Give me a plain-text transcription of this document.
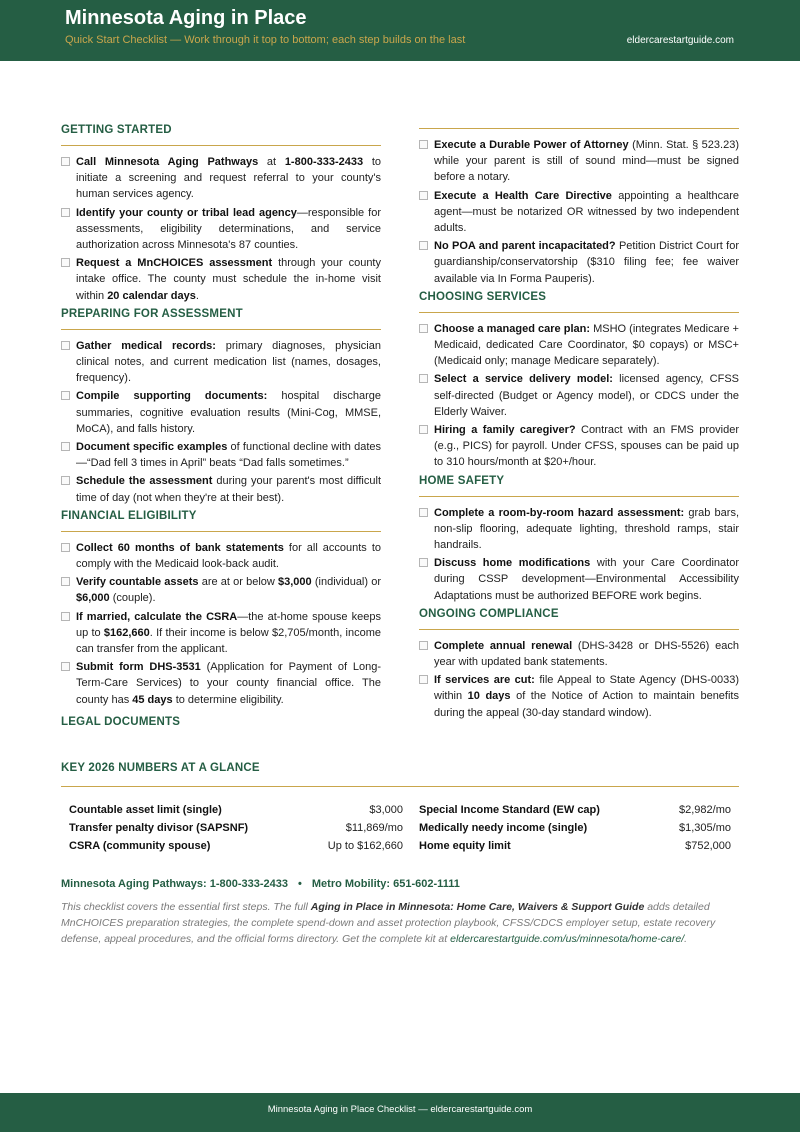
Minnesota Aging in Place
Quick Start Checklist — Work through it top to bottom; each step builds on the last	eldercarestartguide.com
GETTING STARTED
Call Minnesota Aging Pathways at 1-800-333-2433 to initiate a screening and request referral to your county's human services agency.
Identify your county or tribal lead agency—responsible for assessments, eligibility determinations, and service authorization across Minnesota's 87 counties.
Request a MnCHOICES assessment through your county intake office. The county must schedule the in-home visit within 20 calendar days.
PREPARING FOR ASSESSMENT
Gather medical records: primary diagnoses, physician clinical notes, and current medication list (names, dosages, frequency).
Compile supporting documents: hospital discharge summaries, cognitive evaluation results (Mini-Cog, MMSE, MoCA), and falls history.
Document specific examples of functional decline with dates—“Dad fell 3 times in April” beats “Dad falls sometimes.”
Schedule the assessment during your parent's most difficult time of day (not when they're at their best).
FINANCIAL ELIGIBILITY
Collect 60 months of bank statements for all accounts to comply with the Medicaid look-back audit.
Verify countable assets are at or below $3,000 (individual) or $6,000 (couple).
If married, calculate the CSRA—the at-home spouse keeps up to $162,660. If their income is below $2,705/month, income can transfer from the applicant.
Submit form DHS-3531 (Application for Payment of Long-Term-Care Services) to your county financial office. The county has 45 days to determine eligibility.
LEGAL DOCUMENTS
Execute a Durable Power of Attorney (Minn. Stat. § 523.23) while your parent is still of sound mind—must be signed before a notary.
Execute a Health Care Directive appointing a healthcare agent—must be notarized OR witnessed by two independent adults.
No POA and parent incapacitated? Petition District Court for guardianship/conservatorship ($310 filing fee; fee waiver available via In Forma Pauperis).
CHOOSING SERVICES
Choose a managed care plan: MSHO (integrates Medicare + Medicaid, dedicated Care Coordinator, $0 copays) or MSC+ (Medicaid only; manage Medicare separately).
Select a service delivery model: licensed agency, CFSS self-directed (Budget or Agency model), or CDCS under the Elderly Waiver.
Hiring a family caregiver? Contract with an FMS provider (e.g., PICS) for payroll. Under CFSS, spouses can be paid up to 310 hours/month at $20+/hour.
HOME SAFETY
Complete a room-by-room hazard assessment: grab bars, non-slip flooring, adequate lighting, threshold ramps, stair handrails.
Discuss home modifications with your Care Coordinator during CSSP development—Environmental Accessibility Adaptations must be authorized BEFORE work begins.
ONGOING COMPLIANCE
Complete annual renewal (DHS-3428 or DHS-5526) each year with updated bank statements.
If services are cut: file Appeal to State Agency (DHS-0033) within 10 days of the Notice of Action to maintain benefits during the appeal (30-day standard window).
KEY 2026 NUMBERS AT A GLANCE
Countable asset limit (single)	$3,000
Transfer penalty divisor (SAPSNF)	$11,869/mo
CSRA (community spouse)	Up to $162,660
Special Income Standard (EW cap)	$2,982/mo
Medically needy income (single)	$1,305/mo
Home equity limit	$752,000
Minnesota Aging Pathways: 1-800-333-2433 • Metro Mobility: 651-602-1111
This checklist covers the essential first steps. The full Aging in Place in Minnesota: Home Care, Waivers & Support Guide adds detailed MnCHOICES preparation strategies, the complete spend-down and asset protection playbook, CFSS/CDCS employer setup, estate recovery defense, appeal procedures, and the official forms directory. Get the complete kit at eldercarestartguide.com/us/minnesota/home-care/.
Minnesota Aging in Place Checklist — eldercarestartguide.com
